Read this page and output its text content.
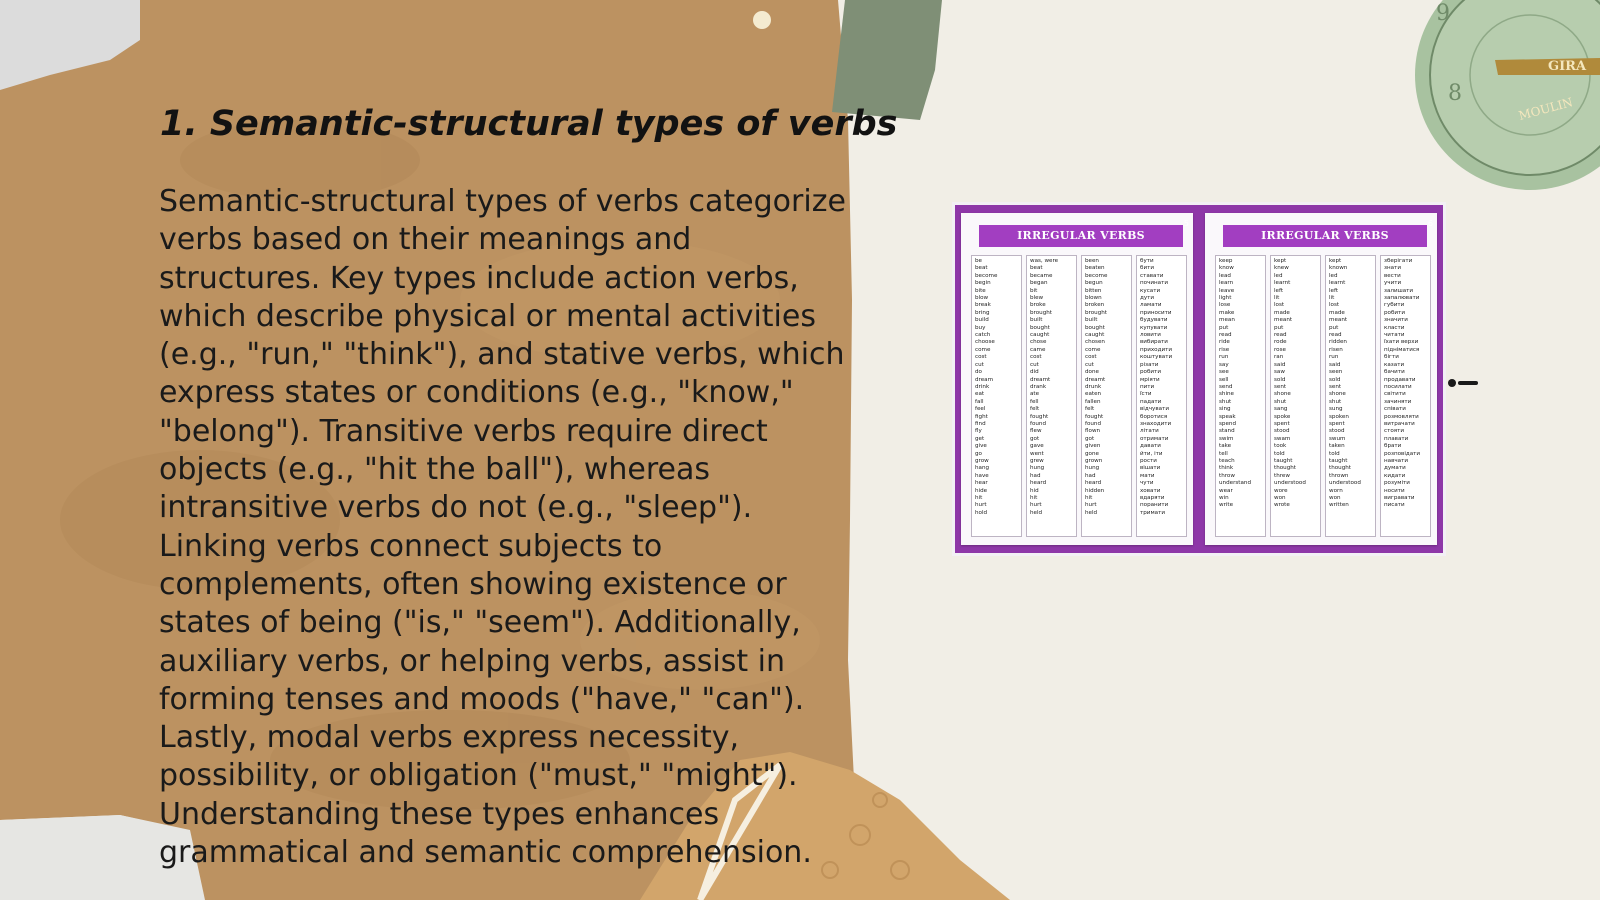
9
8
GIRA
MOULIN
1. Semantic-structural types of verbs

Semantic-structural types of verbs categorize verbs based on their meanings and structures. Key types include action verbs, which describe physical or mental activities (e.g., "run," "think"), and stative verbs, which express states or conditions (e.g., "know," "belong"). Transitive verbs require direct objects (e.g., "hit the ball"), whereas intransitive verbs do not (e.g., "sleep"). Linking verbs connect subjects to complements, often showing existence or states of being ("is," "seem"). Additionally, auxiliary verbs, or helping verbs, assist in forming tenses and moods ("have," "can"). Lastly, modal verbs express necessity, possibility, or obligation ("must," "might"). Understanding these types enhances grammatical and semantic comprehension.

IRREGULAR VERBS
5
be
beat
become
begin
bite
blow
break
bring
build
buy
catch
choose
come
cost
cut
do
dream
drink
eat
fall
feel
fight
find
fly
get
give
go
grow
hang
have
hear
hide
hit
hurt
hold
was, were
beat
became
began
bit
blew
broke
brought
built
bought
caught
chose
came
cost
cut
did
dreamt
drank
ate
fell
felt
fought
found
flew
got
gave
went
grew
hung
had
heard
hid
hit
hurt
held
been
beaten
become
begun
bitten
blown
broken
brought
built
bought
caught
chosen
come
cost
cut
done
dreamt
drunk
eaten
fallen
felt
fought
found
flown
got
given
gone
grown
hung
had
heard
hidden
hit
hurt
held
бути
бити
ставати
починати
кусати
дути
ламати
приносити
будувати
купувати
ловити
вибирати
приходити
коштувати
різати
робити
мріяти
пити
їсти
падати
відчувати
боротися
знаходити
літати
отримати
давати
йти, іти
рости
вішати
мати
чути
ховати
вдаряти
поранити
тримати
IRREGULAR VERBS
6
keep
know
lead
learn
leave
light
lose
make
mean
put
read
ride
rise
run
say
see
sell
send
shine
shut
sing
speak
spend
stand
swim
take
tell
teach
think
throw
understand
wear
win
write
kept
knew
led
learnt
left
lit
lost
made
meant
put
read
rode
rose
ran
said
saw
sold
sent
shone
shut
sang
spoke
spent
stood
swam
took
told
taught
thought
threw
understood
wore
won
wrote
kept
known
led
learnt
left
lit
lost
made
meant
put
read
ridden
risen
run
said
seen
sold
sent
shone
shut
sung
spoken
spent
stood
swum
taken
told
taught
thought
thrown
understood
worn
won
written
зберігати
знати
вести
учити
залишати
запалювати
губити
робити
значити
класти
читати
їхати верхи
підніматися
бігти
казати
бачити
продавати
посилати
світити
зачиняти
співати
розмовляти
витрачати
стояти
плавати
брати
розповідати
навчати
думати
кидати
розуміти
носити
вигравати
писати
